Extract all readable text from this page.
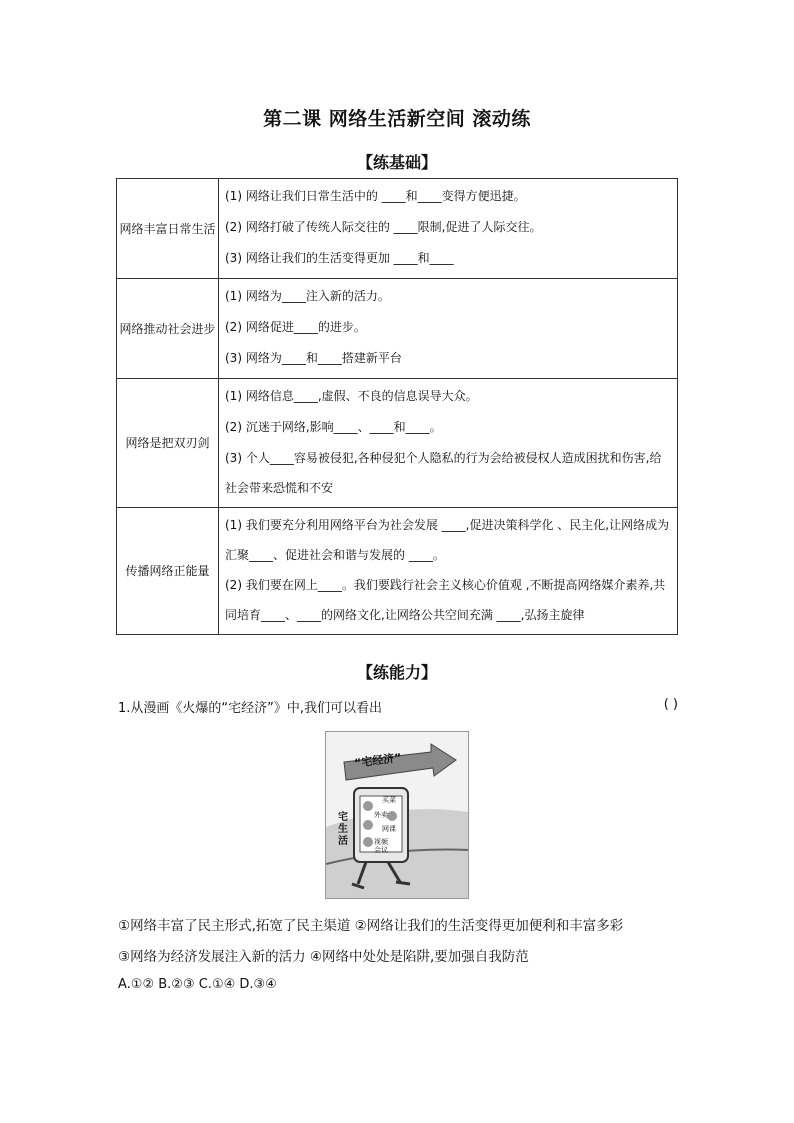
第二课 网络生活新空间 滚动练
【练基础】
网络丰富日常生活	(1) 网络让我们日常生活中的 ____和____变得方便迅捷。
(2) 网络打破了传统人际交往的 ____限制,促进了人际交往。
(3) 网络让我们的生活变得更加 ____和____

网络推动社会进步	(1) 网络为____注入新的活力。
(2) 网络促进____的进步。
(3) 网络为____和____搭建新平台

网络是把双刃剑	(1) 网络信息____,虚假、不良的信息误导大众。
(2) 沉迷于网络,影响____、____和____。
(3) 个人____容易被侵犯,各种侵犯个人隐私的行为会给被侵权人造成困扰和伤害,给社会带来恐慌和不安

传播网络正能量	(1) 我们要充分利用网络平台为社会发展 ____,促进决策科学化 、民主化,让网络成为汇聚____、促进社会和谐与发展的 ____。
(2) 我们要在网上____。我们要践行社会主义核心价值观 ,不断提高网络媒介素养,共同培育____、____的网络文化,让网络公共空间充满 ____,弘扬主旋律
【练能力】
1.从漫画《火爆的“宅经济”》中,我们可以看出	( )
“宅经济”
宅生活
买菜
外卖
网课
视频会议
①网络丰富了民主形式,拓宽了民主渠道 ②网络让我们的生活变得更加便利和丰富多彩
③网络为经济发展注入新的活力 ④网络中处处是陷阱,要加强自我防范
A.①② B.②③ C.①④ D.③④
